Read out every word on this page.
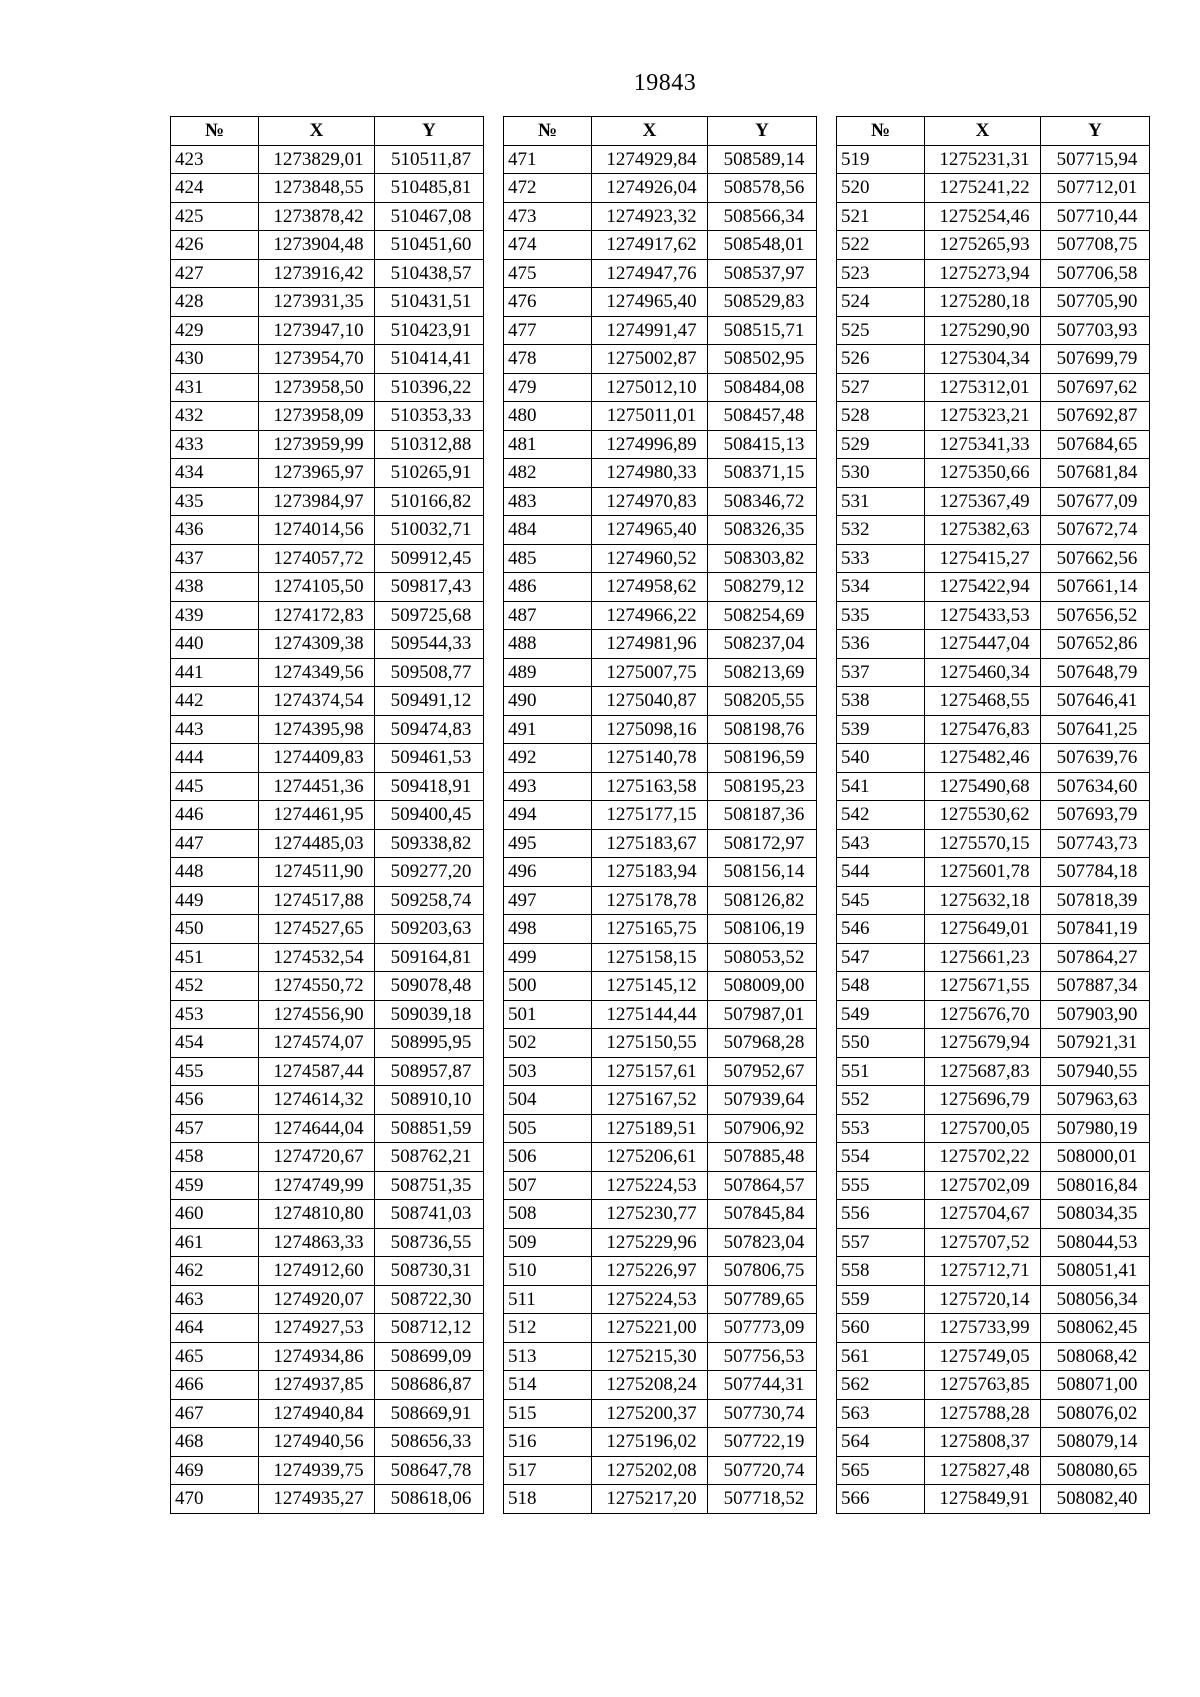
19843
№	X	Y
423	1273829,01	510511,87
424	1273848,55	510485,81
425	1273878,42	510467,08
426	1273904,48	510451,60
427	1273916,42	510438,57
428	1273931,35	510431,51
429	1273947,10	510423,91
430	1273954,70	510414,41
431	1273958,50	510396,22
432	1273958,09	510353,33
433	1273959,99	510312,88
434	1273965,97	510265,91
435	1273984,97	510166,82
436	1274014,56	510032,71
437	1274057,72	509912,45
438	1274105,50	509817,43
439	1274172,83	509725,68
440	1274309,38	509544,33
441	1274349,56	509508,77
442	1274374,54	509491,12
443	1274395,98	509474,83
444	1274409,83	509461,53
445	1274451,36	509418,91
446	1274461,95	509400,45
447	1274485,03	509338,82
448	1274511,90	509277,20
449	1274517,88	509258,74
450	1274527,65	509203,63
451	1274532,54	509164,81
452	1274550,72	509078,48
453	1274556,90	509039,18
454	1274574,07	508995,95
455	1274587,44	508957,87
456	1274614,32	508910,10
457	1274644,04	508851,59
458	1274720,67	508762,21
459	1274749,99	508751,35
460	1274810,80	508741,03
461	1274863,33	508736,55
462	1274912,60	508730,31
463	1274920,07	508722,30
464	1274927,53	508712,12
465	1274934,86	508699,09
466	1274937,85	508686,87
467	1274940,84	508669,91
468	1274940,56	508656,33
469	1274939,75	508647,78
470	1274935,27	508618,06
№	X	Y
471	1274929,84	508589,14
472	1274926,04	508578,56
473	1274923,32	508566,34
474	1274917,62	508548,01
475	1274947,76	508537,97
476	1274965,40	508529,83
477	1274991,47	508515,71
478	1275002,87	508502,95
479	1275012,10	508484,08
480	1275011,01	508457,48
481	1274996,89	508415,13
482	1274980,33	508371,15
483	1274970,83	508346,72
484	1274965,40	508326,35
485	1274960,52	508303,82
486	1274958,62	508279,12
487	1274966,22	508254,69
488	1274981,96	508237,04
489	1275007,75	508213,69
490	1275040,87	508205,55
491	1275098,16	508198,76
492	1275140,78	508196,59
493	1275163,58	508195,23
494	1275177,15	508187,36
495	1275183,67	508172,97
496	1275183,94	508156,14
497	1275178,78	508126,82
498	1275165,75	508106,19
499	1275158,15	508053,52
500	1275145,12	508009,00
501	1275144,44	507987,01
502	1275150,55	507968,28
503	1275157,61	507952,67
504	1275167,52	507939,64
505	1275189,51	507906,92
506	1275206,61	507885,48
507	1275224,53	507864,57
508	1275230,77	507845,84
509	1275229,96	507823,04
510	1275226,97	507806,75
511	1275224,53	507789,65
512	1275221,00	507773,09
513	1275215,30	507756,53
514	1275208,24	507744,31
515	1275200,37	507730,74
516	1275196,02	507722,19
517	1275202,08	507720,74
518	1275217,20	507718,52
№	X	Y
519	1275231,31	507715,94
520	1275241,22	507712,01
521	1275254,46	507710,44
522	1275265,93	507708,75
523	1275273,94	507706,58
524	1275280,18	507705,90
525	1275290,90	507703,93
526	1275304,34	507699,79
527	1275312,01	507697,62
528	1275323,21	507692,87
529	1275341,33	507684,65
530	1275350,66	507681,84
531	1275367,49	507677,09
532	1275382,63	507672,74
533	1275415,27	507662,56
534	1275422,94	507661,14
535	1275433,53	507656,52
536	1275447,04	507652,86
537	1275460,34	507648,79
538	1275468,55	507646,41
539	1275476,83	507641,25
540	1275482,46	507639,76
541	1275490,68	507634,60
542	1275530,62	507693,79
543	1275570,15	507743,73
544	1275601,78	507784,18
545	1275632,18	507818,39
546	1275649,01	507841,19
547	1275661,23	507864,27
548	1275671,55	507887,34
549	1275676,70	507903,90
550	1275679,94	507921,31
551	1275687,83	507940,55
552	1275696,79	507963,63
553	1275700,05	507980,19
554	1275702,22	508000,01
555	1275702,09	508016,84
556	1275704,67	508034,35
557	1275707,52	508044,53
558	1275712,71	508051,41
559	1275720,14	508056,34
560	1275733,99	508062,45
561	1275749,05	508068,42
562	1275763,85	508071,00
563	1275788,28	508076,02
564	1275808,37	508079,14
565	1275827,48	508080,65
566	1275849,91	508082,40
